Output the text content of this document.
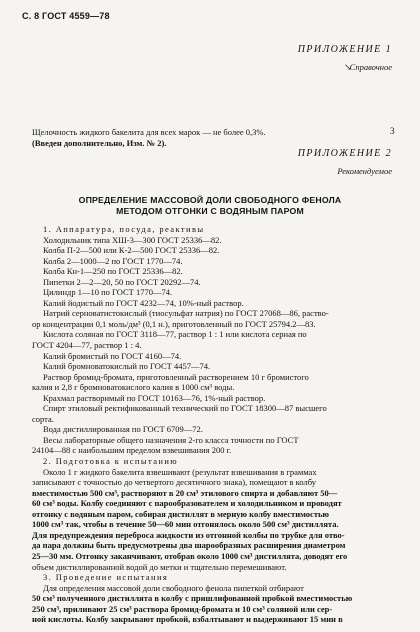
С. 8 ГОСТ 4559—78
ПРИЛОЖЕНИЕ 1
Справочное
↘
Щелочность жидкого бакелита для всех марок — не более 0,3%.
(Введен дополнительно, Изм. № 2).
3
ПРИЛОЖЕНИЕ 2
Рекомендуемое
ОПРЕДЕЛЕНИЕ МАССОВОЙ ДОЛИ СВОБОДНОГО ФЕНОЛА
МЕТОДОМ ОТГОНКИ С ВОДЯНЫМ ПАРОМ
1. Аппаратура, посуда, реактивы
Холодильник типа ХШ-3—300 ГОСТ 25336—82.
Колба П-2—500 или К-2—500 ГОСТ 25336—82.
Колба 2—1000—2 по ГОСТ 1770—74.
Колба Кн-1—250 по ГОСТ 25336—82.
Пипетки 2—2—20, 50 по ГОСТ 20292—74.
Цилиндр 1—10 по ГОСТ 1770—74.
Калий йодистый по ГОСТ 4232—74, 10%-ный раствор.
Натрий серноватистокислый (тиосульфат натрия) по ГОСТ 27068—86, раство-
ор концентрации 0,1 моль/дм³ (0,1 н.), приготовленный по ГОСТ 25794.2—83.
Кислота соляная по ГОСТ 3118—77, раствор 1 : 1 или кислота серная по
ГОСТ 4204—77, раствор 1 : 4.
Калий бромистый по ГОСТ 4160—74.
Калий бромноватокислый по ГОСТ 4457—74.
Раствор бромид-бромата, приготовленный растворением 10 г бромистого
калия и 2,8 г бромноватокислого калия в 1000 см³ воды.
Крахмал растворимый по ГОСТ 10163—76, 1%-ный раствор.
Спирт этиловый ректификованный технический по ГОСТ 18300—87 высшего
сорта.
Вода дистиллированная по ГОСТ 6709—72.
Весы лабораторные общего назначения 2-го класса точности по ГОСТ
24104—88 с наибольшим пределом взвешивания 200 г.
2. Подготовка к испытанию
Около 1 г жидкого бакелита взвешивают (результат взвешивания в граммах
записывают с точностью до четвертого десятичного знака), помещают в колбу
вместимостью 500 см³, растворяют в 20 см³ этилового спирта и добавляют 50—
60 см³ воды. Колбу соединяют с парообразователем и холодильником и проводят
отгонку с водяным паром, собирая дистиллят в мерную колбу вместимостью
1000 см³ так, чтобы в течение 50—60 мин отгонялось около 500 см³ дистиллята.
Для предупреждения переброса жидкости из отгонной колбы по трубке для отво-
да пара должны быть предусмотрены два шарообразных расширения диаметром
25—30 мм. Отгонку заканчивают, отобрав около 1000 см³ дистиллята, доводят его
объем дистиллированной водой до метки и тщательно перемешивают.
3. Проведение испытания
Для определения массовой доли свободного фенола пипеткой отбирают
50 см³ полученного дистиллята в колбу с пришлифованной пробкой вместимостью
250 см³, приливают 25 см³ раствора бромид-бромата и 10 см³ соляной или сер-
ной кислоты. Колбу закрывают пробкой, взбалтывают и выдерживают 15 мин в
